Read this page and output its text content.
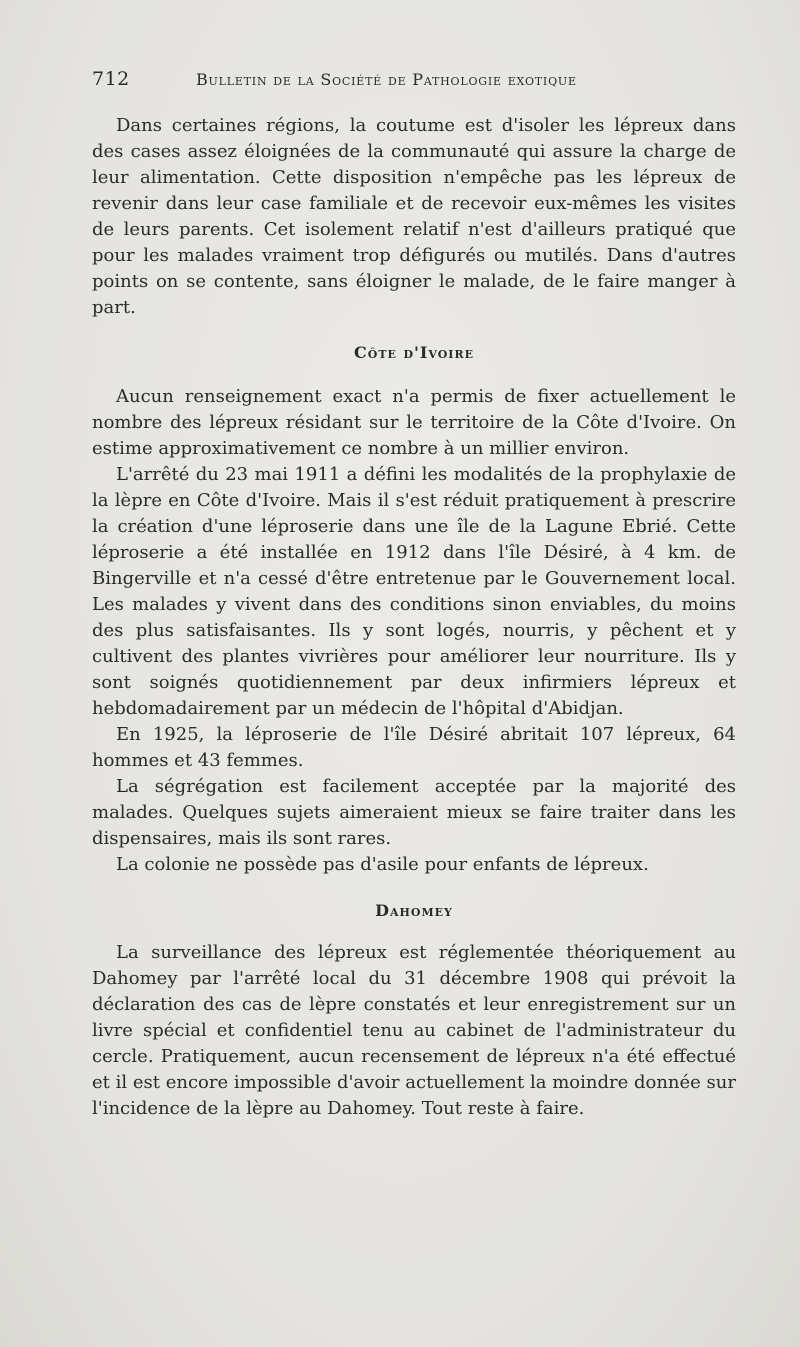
712	Bulletin de la Société de Pathologie exotique

Dans certaines régions, la coutume est d'isoler les lépreux dans des cases assez éloignées de la communauté qui assure la charge de leur alimentation. Cette disposition n'empêche pas les lépreux de revenir dans leur case familiale et de recevoir eux-mêmes les visites de leurs parents. Cet isolement relatif n'est d'ailleurs pratiqué que pour les malades vraiment trop défigurés ou mutilés. Dans d'autres points on se contente, sans éloigner le malade, de le faire manger à part.

Côte d'Ivoire

Aucun renseignement exact n'a permis de fixer actuellement le nombre des lépreux résidant sur le territoire de la Côte d'Ivoire. On estime approximativement ce nombre à un millier environ.

L'arrêté du 23 mai 1911 a défini les modalités de la prophylaxie de la lèpre en Côte d'Ivoire. Mais il s'est réduit pratiquement à prescrire la création d'une léproserie dans une île de la Lagune Ebrié. Cette léproserie a été installée en 1912 dans l'île Désiré, à 4 km. de Bingerville et n'a cessé d'être entretenue par le Gouvernement local. Les malades y vivent dans des conditions sinon enviables, du moins des plus satisfaisantes. Ils y sont logés, nourris, y pêchent et y cultivent des plantes vivrières pour améliorer leur nourriture. Ils y sont soignés quotidiennement par deux infirmiers lépreux et hebdomadairement par un médecin de l'hôpital d'Abidjan.

En 1925, la léproserie de l'île Désiré abritait 107 lépreux, 64 hommes et 43 femmes.

La ségrégation est facilement acceptée par la majorité des malades. Quelques sujets aimeraient mieux se faire traiter dans les dispensaires, mais ils sont rares.

La colonie ne possède pas d'asile pour enfants de lépreux.

Dahomey

La surveillance des lépreux est réglementée théoriquement au Dahomey par l'arrêté local du 31 décembre 1908 qui prévoit la déclaration des cas de lèpre constatés et leur enregistrement sur un livre spécial et confidentiel tenu au cabinet de l'administrateur du cercle. Pratiquement, aucun recensement de lépreux n'a été effectué et il est encore impossible d'avoir actuellement la moindre donnée sur l'incidence de la lèpre au Dahomey. Tout reste à faire.
